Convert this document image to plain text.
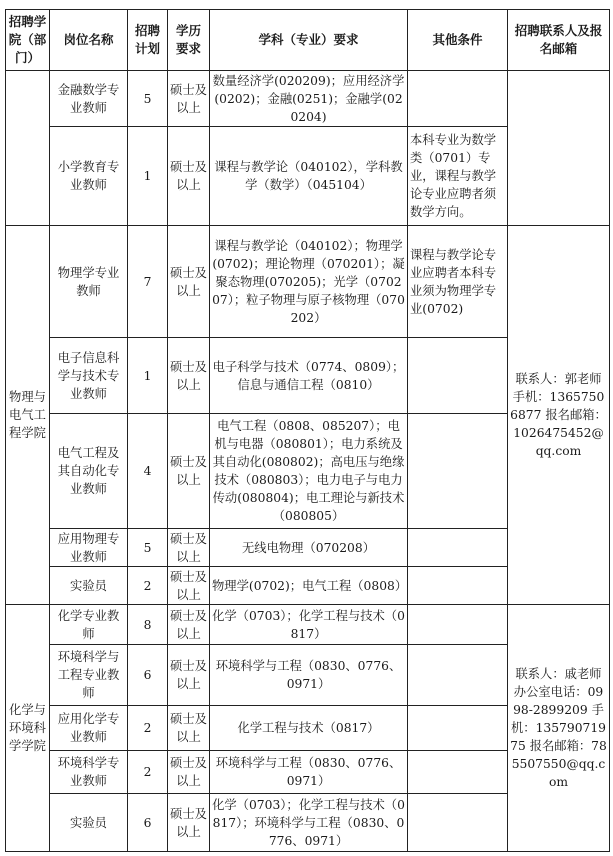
招聘学院（部门）	岗位名称	招聘计划	学历要求	学科（专业）要求	其他条件	招聘联系人及报名邮箱
	金融数学专业教师	5	硕士及以上	数量经济学(020209)；应用经济学(0202)；金融(0251)；金融学(020204)		
	小学教育专业教师	1	硕士及以上	课程与教学论（040102），学科教学（数学）（045104）	本科专业为数学类（0701）专业，课程与教学论专业应聘者须数学方向。	
物理与电气工程学院	物理学专业教师	7	硕士及以上	课程与教学论（040102）；物理学(0702)；理论物理（070201）；凝聚态物理(070205)；光学（070207）；粒子物理与原子核物理（070202）	课程与教学论专业应聘者本科专业须为物理学专业(0702)	联系人：郭老师 手机：13657506877 报名邮箱：1026475452@qq.com
	电子信息科学与技术专业教师	1	硕士及以上	电子科学与技术（0774、0809）；信息与通信工程（0810）		
	电气工程及其自动化专业教师	4	硕士及以上	电气工程（0808、085207）；电机与电器（080801）；电力系统及其自动化(080802)；高电压与绝缘技术（080803）；电力电子与电力传动(080804)；电工理论与新技术（080805）		
	应用物理专业教师	5	硕士及以上	无线电物理（070208）		
	实验员	2	硕士及以上	物理学(0702)；电气工程（0808）		
化学与环境科学学院	化学专业教师	8	硕士及以上	化学（0703）；化学工程与技术（0817）		联系人：戚老师 办公室电话：0998-2899209 手机：13579071975 报名邮箱：785507550@qq.com
	环境科学与工程专业教师	6	硕士及以上	环境科学与工程（0830、0776、0971）		
	应用化学专业教师	2	硕士及以上	化学工程与技术（0817）		
	环境科学专业教师	2	硕士及以上	环境科学与工程（0830、0776、0971）		
	实验员	6	硕士及以上	化学（0703）；化学工程与技术（0817）；环境科学与工程（0830、0776、0971）		
